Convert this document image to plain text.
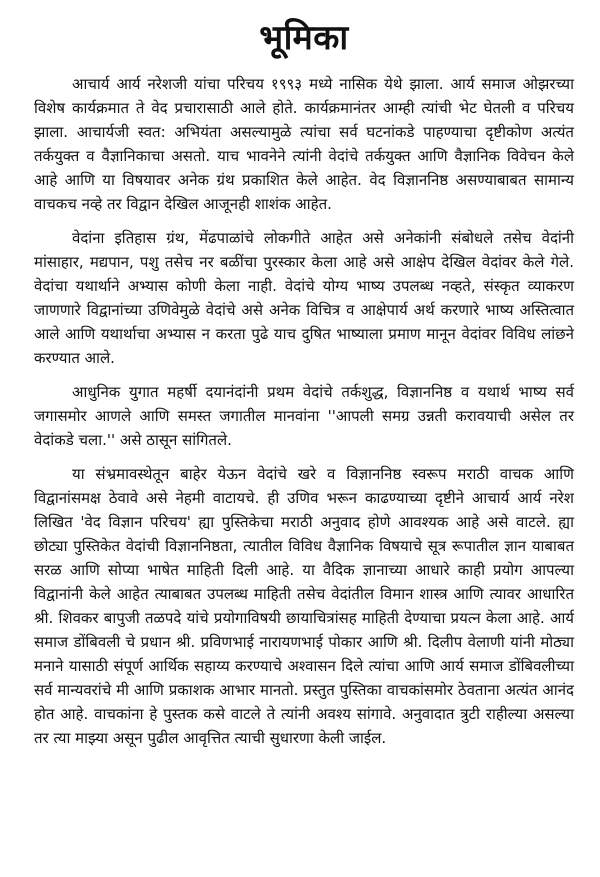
भूमिका

आचार्य आर्य नरेशजी यांचा परिचय १९९३ मध्ये नासिक येथे झाला. आर्य समाज ओझरच्या विशेष कार्यक्रमात ते वेद प्रचारासाठी आले होते. कार्यक्रमानंतर आम्ही त्यांची भेट घेतली व परिचय झाला. आचार्यजी स्वत: अभियंता असल्यामुळे त्यांचा सर्व घटनांकडे पाहण्याचा दृष्टीकोण अत्यंत तर्कयुक्त व वैज्ञानिकाचा असतो. याच भावनेने त्यांनी वेदांचे तर्कयुक्त आणि वैज्ञानिक विवेचन केले आहे आणि या विषयावर अनेक ग्रंथ प्रकाशित केले आहेत. वेद विज्ञाननिष्ठ असण्याबाबत सामान्य वाचकच नव्हे तर विद्वान देखिल आजूनही शाशंक आहेत.

वेदांना इतिहास ग्रंथ, मेंढपाळांचे लोकगीते आहेत असे अनेकांनी संबोधले तसेच वेदांनी मांसाहार, मद्यपान, पशु तसेच नर बळींचा पुरस्कार केला आहे असे आक्षेप देखिल वेदांवर केले गेले. वेदांचा यथार्थाने अभ्यास कोणी केला नाही. वेदांचे योग्य भाष्य उपलब्ध नव्हते, संस्कृत व्याकरण जाणणारे विद्वानांच्या उणिवेमुळे वेदांचे असे अनेक विचित्र व आक्षेपार्य अर्थ करणारे भाष्य अस्तित्वात आले आणि यथार्थाचा अभ्यास न करता पुढे याच दुषित भाष्याला प्रमाण मानून वेदांवर विविध लांछने करण्यात आले.

आधुनिक युगात महर्षी दयानंदांनी प्रथम वेदांचे तर्कशुद्ध, विज्ञाननिष्ठ व यथार्थ भाष्य सर्व जगासमोर आणले आणि समस्त जगातील मानवांना ''आपली समग्र उन्नती करावयाची असेल तर वेदांकडे चला.'' असे ठासून सांगितले.

या संभ्रमावस्थेतून बाहेर येऊन वेदांचे खरे व विज्ञाननिष्ठ स्वरूप मराठी वाचक आणि विद्वानांसमक्ष ठेवावे असे नेहमी वाटायचे. ही उणिव भरून काढण्याच्या दृष्टीने आचार्य आर्य नरेश लिखित 'वेद विज्ञान परिचय' ह्या पुस्तिकेचा मराठी अनुवाद होणे आवश्यक आहे असे वाटले. ह्या छोट्या पुस्तिकेत वेदांची विज्ञाननिष्ठता, त्यातील विविध वैज्ञानिक विषयाचे सूत्र रूपातील ज्ञान याबाबत सरळ आणि सोप्या भाषेत माहिती दिली आहे. या वैदिक ज्ञानाच्या आधारे काही प्रयोग आपल्या विद्वानांनी केले आहेत त्याबाबत उपलब्ध माहिती तसेच वेदांतील विमान शास्त्र आणि त्यावर आधारित श्री. शिवकर बापुजी तळपदे यांचे प्रयोगाविषयी छायाचित्रांसह माहिती देण्याचा प्रयत्न केला आहे. आर्य समाज डोंबिवली चे प्रधान श्री. प्रविणभाई नारायणभाई पोकार आणि श्री. दिलीप वेलाणी यांनी मोठ्या मनाने यासाठी संपूर्ण आर्थिक सहाय्य करण्याचे अश्वासन दिले त्यांचा आणि आर्य समाज डोंबिवलीच्या सर्व मान्यवरांचे मी आणि प्रकाशक आभार मानतो. प्रस्तुत पुस्तिका वाचकांसमोर ठेवताना अत्यंत आनंद होत आहे. वाचकांना हे पुस्तक कसे वाटले ते त्यांनी अवश्य सांगावे. अनुवादात त्रुटी राहील्या असल्या तर त्या माझ्या असून पुढील आवृत्तित त्याची सुधारणा केली जाईल.
